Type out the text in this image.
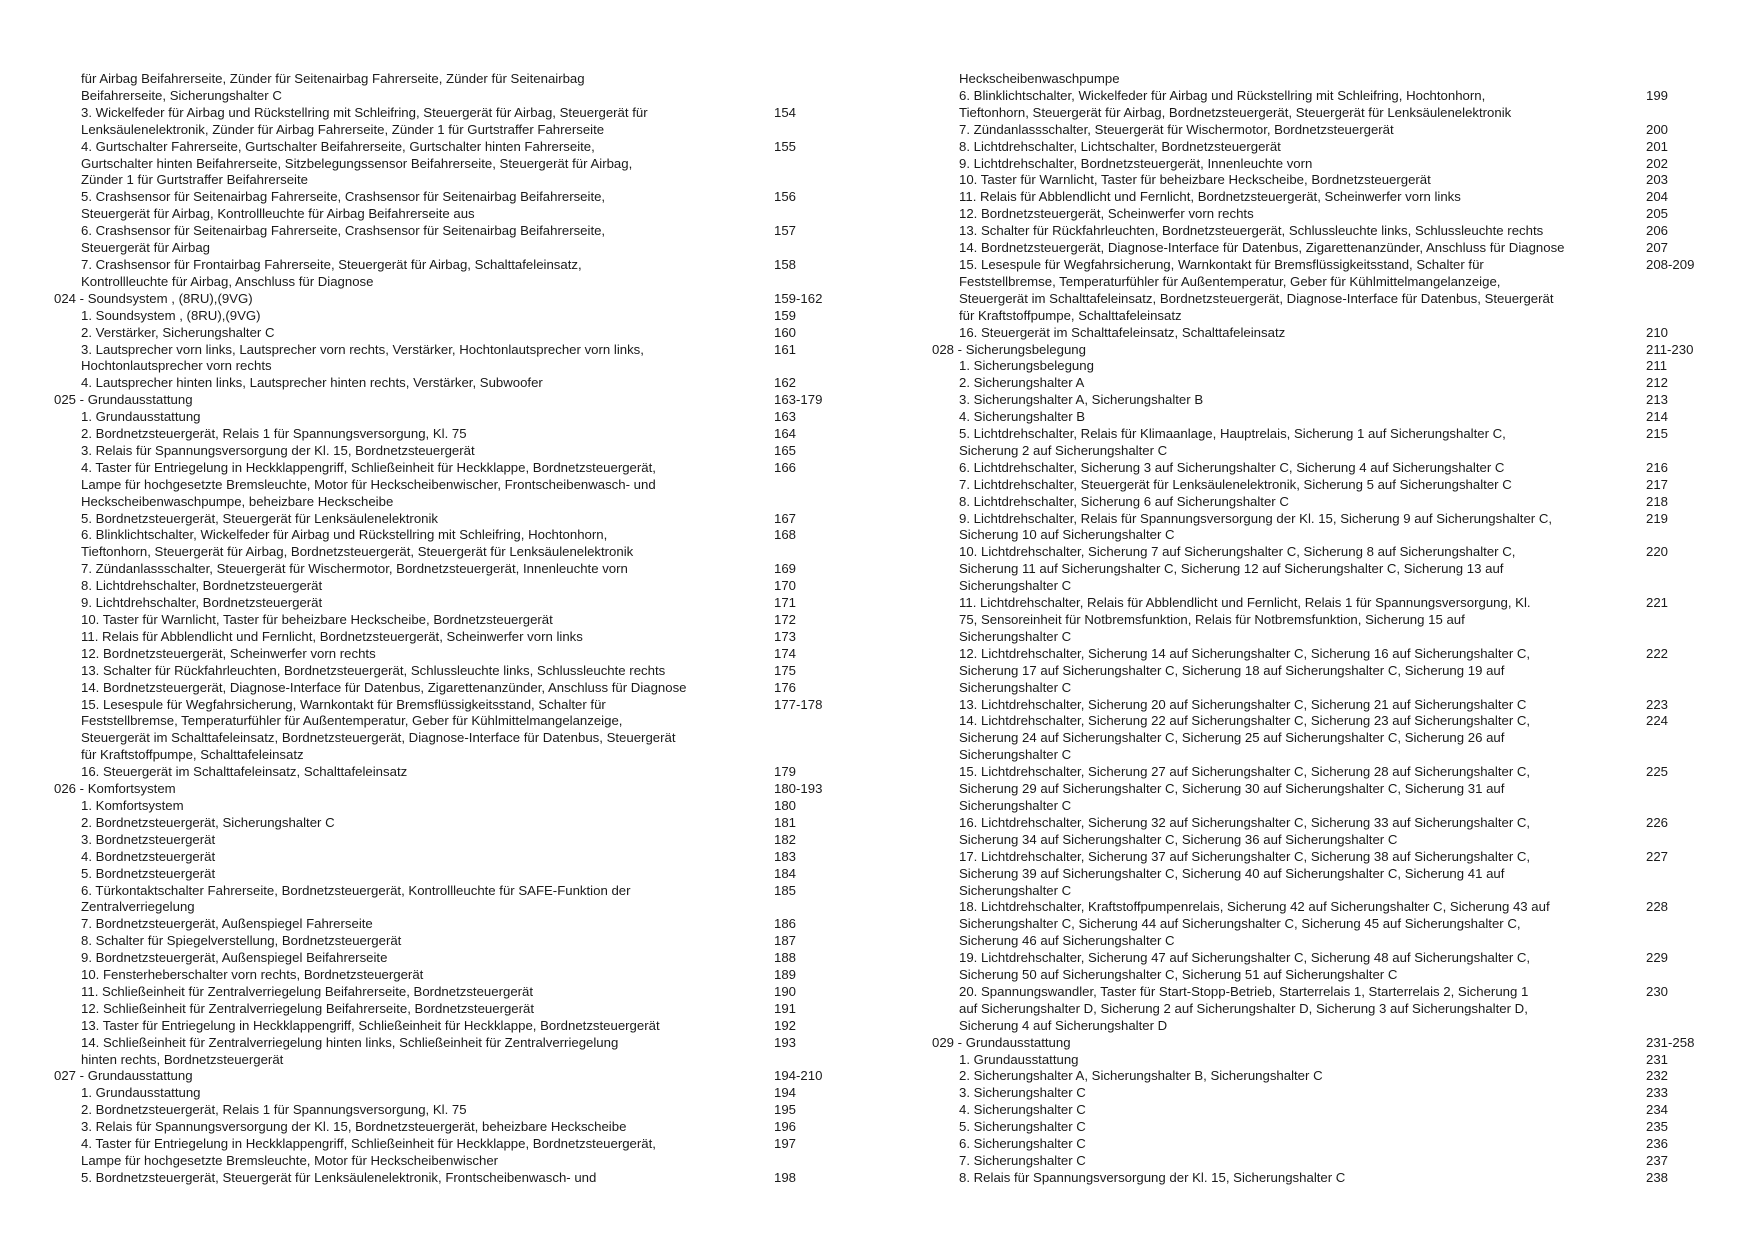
für Airbag Beifahrerseite, Zünder für Seitenairbag Fahrerseite, Zünder für Seitenairbag
Beifahrerseite, Sicherungshalter C
3. Wickelfeder für Airbag und Rückstellring mit Schleifring, Steuergerät für Airbag, Steuergerät für	154
Lenksäulenelektronik, Zünder für Airbag Fahrerseite, Zünder 1 für Gurtstraffer Fahrerseite
4. Gurtschalter Fahrerseite, Gurtschalter Beifahrerseite, Gurtschalter hinten Fahrerseite,	155
Gurtschalter hinten Beifahrerseite, Sitzbelegungssensor Beifahrerseite, Steuergerät für Airbag,
Zünder 1 für Gurtstraffer Beifahrerseite
5. Crashsensor für Seitenairbag Fahrerseite, Crashsensor für Seitenairbag Beifahrerseite,	156
Steuergerät für Airbag, Kontrollleuchte für Airbag Beifahrerseite aus
6. Crashsensor für Seitenairbag Fahrerseite, Crashsensor für Seitenairbag Beifahrerseite,	157
Steuergerät für Airbag
7. Crashsensor für Frontairbag Fahrerseite, Steuergerät für Airbag, Schalttafeleinsatz,	158
Kontrollleuchte für Airbag, Anschluss für Diagnose
024 - Soundsystem , (8RU),(9VG)	159-162
1. Soundsystem , (8RU),(9VG)	159
2. Verstärker, Sicherungshalter C	160
3. Lautsprecher vorn links, Lautsprecher vorn rechts, Verstärker, Hochtonlautsprecher vorn links,	161
Hochtonlautsprecher vorn rechts
4. Lautsprecher hinten links, Lautsprecher hinten rechts, Verstärker, Subwoofer	162
025 - Grundausstattung	163-179
1. Grundausstattung	163
2. Bordnetzsteuergerät, Relais 1 für Spannungsversorgung, Kl. 75	164
3. Relais für Spannungsversorgung der Kl. 15, Bordnetzsteuergerät	165
4. Taster für Entriegelung in Heckklappengriff, Schließeinheit für Heckklappe, Bordnetzsteuergerät,	166
Lampe für hochgesetzte Bremsleuchte, Motor für Heckscheibenwischer, Frontscheibenwasch- und
Heckscheibenwaschpumpe, beheizbare Heckscheibe
5. Bordnetzsteuergerät, Steuergerät für Lenksäulenelektronik	167
6. Blinklichtschalter, Wickelfeder für Airbag und Rückstellring mit Schleifring, Hochtonhorn,	168
Tieftonhorn, Steuergerät für Airbag, Bordnetzsteuergerät, Steuergerät für Lenksäulenelektronik
7. Zündanlassschalter, Steuergerät für Wischermotor, Bordnetzsteuergerät, Innenleuchte vorn	169
8. Lichtdrehschalter, Bordnetzsteuergerät	170
9. Lichtdrehschalter, Bordnetzsteuergerät	171
10. Taster für Warnlicht, Taster für beheizbare Heckscheibe, Bordnetzsteuergerät	172
11. Relais für Abblendlicht und Fernlicht, Bordnetzsteuergerät, Scheinwerfer vorn links	173
12. Bordnetzsteuergerät, Scheinwerfer vorn rechts	174
13. Schalter für Rückfahrleuchten, Bordnetzsteuergerät, Schlussleuchte links, Schlussleuchte rechts	175
14. Bordnetzsteuergerät, Diagnose-Interface für Datenbus, Zigarettenanzünder, Anschluss für Diagnose	176
15. Lesespule für Wegfahrsicherung, Warnkontakt für Bremsflüssigkeitsstand, Schalter für	177-178
Feststellbremse, Temperaturfühler für Außentemperatur, Geber für Kühlmittelmangelanzeige,
Steuergerät im Schalttafeleinsatz, Bordnetzsteuergerät, Diagnose-Interface für Datenbus, Steuergerät
für Kraftstoffpumpe, Schalttafeleinsatz
16. Steuergerät im Schalttafeleinsatz, Schalttafeleinsatz	179
026 - Komfortsystem	180-193
1. Komfortsystem	180
2. Bordnetzsteuergerät, Sicherungshalter C	181
3. Bordnetzsteuergerät	182
4. Bordnetzsteuergerät	183
5. Bordnetzsteuergerät	184
6. Türkontaktschalter Fahrerseite, Bordnetzsteuergerät, Kontrollleuchte für SAFE-Funktion der	185
Zentralverriegelung
7. Bordnetzsteuergerät, Außenspiegel Fahrerseite	186
8. Schalter für Spiegelverstellung, Bordnetzsteuergerät	187
9. Bordnetzsteuergerät, Außenspiegel Beifahrerseite	188
10. Fensterheberschalter vorn rechts, Bordnetzsteuergerät	189
11. Schließeinheit für Zentralverriegelung Beifahrerseite, Bordnetzsteuergerät	190
12. Schließeinheit für Zentralverriegelung Beifahrerseite, Bordnetzsteuergerät	191
13. Taster für Entriegelung in Heckklappengriff, Schließeinheit für Heckklappe, Bordnetzsteuergerät	192
14. Schließeinheit für Zentralverriegelung hinten links, Schließeinheit für Zentralverriegelung	193
hinten rechts, Bordnetzsteuergerät
027 - Grundausstattung	194-210
1. Grundausstattung	194
2. Bordnetzsteuergerät, Relais 1 für Spannungsversorgung, Kl. 75	195
3. Relais für Spannungsversorgung der Kl. 15, Bordnetzsteuergerät, beheizbare Heckscheibe	196
4. Taster für Entriegelung in Heckklappengriff, Schließeinheit für Heckklappe, Bordnetzsteuergerät,	197
Lampe für hochgesetzte Bremsleuchte, Motor für Heckscheibenwischer
5. Bordnetzsteuergerät, Steuergerät für Lenksäulenelektronik, Frontscheibenwasch- und	198
Heckscheibenwaschpumpe
6. Blinklichtschalter, Wickelfeder für Airbag und Rückstellring mit Schleifring, Hochtonhorn,	199
Tieftonhorn, Steuergerät für Airbag, Bordnetzsteuergerät, Steuergerät für Lenksäulenelektronik
7. Zündanlassschalter, Steuergerät für Wischermotor, Bordnetzsteuergerät	200
8. Lichtdrehschalter, Lichtschalter, Bordnetzsteuergerät	201
9. Lichtdrehschalter, Bordnetzsteuergerät, Innenleuchte vorn	202
10. Taster für Warnlicht, Taster für beheizbare Heckscheibe, Bordnetzsteuergerät	203
11. Relais für Abblendlicht und Fernlicht, Bordnetzsteuergerät, Scheinwerfer vorn links	204
12. Bordnetzsteuergerät, Scheinwerfer vorn rechts	205
13. Schalter für Rückfahrleuchten, Bordnetzsteuergerät, Schlussleuchte links, Schlussleuchte rechts	206
14. Bordnetzsteuergerät, Diagnose-Interface für Datenbus, Zigarettenanzünder, Anschluss für Diagnose	207
15. Lesespule für Wegfahrsicherung, Warnkontakt für Bremsflüssigkeitsstand, Schalter für	208-209
Feststellbremse, Temperaturfühler für Außentemperatur, Geber für Kühlmittelmangelanzeige,
Steuergerät im Schalttafeleinsatz, Bordnetzsteuergerät, Diagnose-Interface für Datenbus, Steuergerät
für Kraftstoffpumpe, Schalttafeleinsatz
16. Steuergerät im Schalttafeleinsatz, Schalttafeleinsatz	210
028 - Sicherungsbelegung	211-230
1. Sicherungsbelegung	211
2. Sicherungshalter A	212
3. Sicherungshalter A, Sicherungshalter B	213
4. Sicherungshalter B	214
5. Lichtdrehschalter, Relais für Klimaanlage, Hauptrelais, Sicherung 1 auf Sicherungshalter C,	215
Sicherung 2 auf Sicherungshalter C
6. Lichtdrehschalter, Sicherung 3 auf Sicherungshalter C, Sicherung 4 auf Sicherungshalter C	216
7. Lichtdrehschalter, Steuergerät für Lenksäulenelektronik, Sicherung 5 auf Sicherungshalter C	217
8. Lichtdrehschalter, Sicherung 6 auf Sicherungshalter C	218
9. Lichtdrehschalter, Relais für Spannungsversorgung der Kl. 15, Sicherung 9 auf Sicherungshalter C,	219
Sicherung 10 auf Sicherungshalter C
10. Lichtdrehschalter, Sicherung 7 auf Sicherungshalter C, Sicherung 8 auf Sicherungshalter C,	220
Sicherung 11 auf Sicherungshalter C, Sicherung 12 auf Sicherungshalter C, Sicherung 13 auf
Sicherungshalter C
11. Lichtdrehschalter, Relais für Abblendlicht und Fernlicht, Relais 1 für Spannungsversorgung, Kl.	221
75, Sensoreinheit für Notbremsfunktion, Relais für Notbremsfunktion, Sicherung 15 auf
Sicherungshalter C
12. Lichtdrehschalter, Sicherung 14 auf Sicherungshalter C, Sicherung 16 auf Sicherungshalter C,	222
Sicherung 17 auf Sicherungshalter C, Sicherung 18 auf Sicherungshalter C, Sicherung 19 auf
Sicherungshalter C
13. Lichtdrehschalter, Sicherung 20 auf Sicherungshalter C, Sicherung 21 auf Sicherungshalter C	223
14. Lichtdrehschalter, Sicherung 22 auf Sicherungshalter C, Sicherung 23 auf Sicherungshalter C,	224
Sicherung 24 auf Sicherungshalter C, Sicherung 25 auf Sicherungshalter C, Sicherung 26 auf
Sicherungshalter C
15. Lichtdrehschalter, Sicherung 27 auf Sicherungshalter C, Sicherung 28 auf Sicherungshalter C,	225
Sicherung 29 auf Sicherungshalter C, Sicherung 30 auf Sicherungshalter C, Sicherung 31 auf
Sicherungshalter C
16. Lichtdrehschalter, Sicherung 32 auf Sicherungshalter C, Sicherung 33 auf Sicherungshalter C,	226
Sicherung 34 auf Sicherungshalter C, Sicherung 36 auf Sicherungshalter C
17. Lichtdrehschalter, Sicherung 37 auf Sicherungshalter C, Sicherung 38 auf Sicherungshalter C,	227
Sicherung 39 auf Sicherungshalter C, Sicherung 40 auf Sicherungshalter C, Sicherung 41 auf
Sicherungshalter C
18. Lichtdrehschalter, Kraftstoffpumpenrelais, Sicherung 42 auf Sicherungshalter C, Sicherung 43 auf	228
Sicherungshalter C, Sicherung 44 auf Sicherungshalter C, Sicherung 45 auf Sicherungshalter C,
Sicherung 46 auf Sicherungshalter C
19. Lichtdrehschalter, Sicherung 47 auf Sicherungshalter C, Sicherung 48 auf Sicherungshalter C,	229
Sicherung 50 auf Sicherungshalter C, Sicherung 51 auf Sicherungshalter C
20. Spannungswandler, Taster für Start-Stopp-Betrieb, Starterrelais 1, Starterrelais 2, Sicherung 1	230
auf Sicherungshalter D, Sicherung 2 auf Sicherungshalter D, Sicherung 3 auf Sicherungshalter D,
Sicherung 4 auf Sicherungshalter D
029 - Grundausstattung	231-258
1. Grundausstattung	231
2. Sicherungshalter A, Sicherungshalter B, Sicherungshalter C	232
3. Sicherungshalter C	233
4. Sicherungshalter C	234
5. Sicherungshalter C	235
6. Sicherungshalter C	236
7. Sicherungshalter C	237
8. Relais für Spannungsversorgung der Kl. 15, Sicherungshalter C	238
